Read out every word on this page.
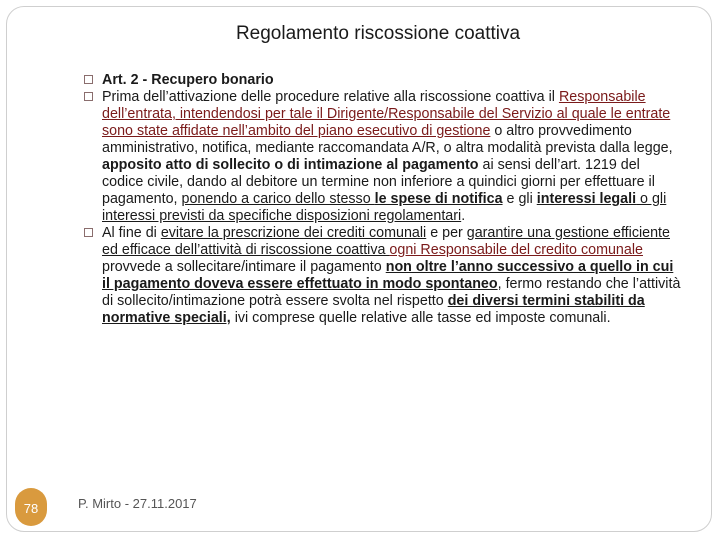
Regolamento riscossione coattiva
Art. 2 - Recupero bonario
Prima dell’attivazione delle procedure relative alla riscossione coattiva il Responsabile dell’entrata, intendendosi per tale il Dirigente/Responsabile del Servizio al quale le entrate sono state affidate nell’ambito del piano esecutivo di gestione o altro provvedimento amministrativo, notifica, mediante raccomandata A/R, o altra modalità prevista dalla legge, apposito atto di sollecito o di intimazione al pagamento ai sensi dell’art. 1219 del codice civile, dando al debitore un termine non inferiore a quindici giorni per effettuare il pagamento, ponendo a carico dello stesso le spese di notifica e gli interessi legali o gli interessi previsti da specifiche disposizioni regolamentari.
Al fine di evitare la prescrizione dei crediti comunali e per garantire una gestione efficiente ed efficace dell’attività di riscossione coattiva ogni Responsabile del credito comunale provvede a sollecitare/intimare il pagamento non oltre l’anno successivo a quello in cui il pagamento doveva essere effettuato in modo spontaneo, fermo restando che l’attività di sollecito/intimazione potrà essere svolta nel rispetto dei diversi termini stabiliti da normative speciali, ivi comprese quelle relative alle tasse ed imposte comunali.
78	P. Mirto - 27.11.2017
